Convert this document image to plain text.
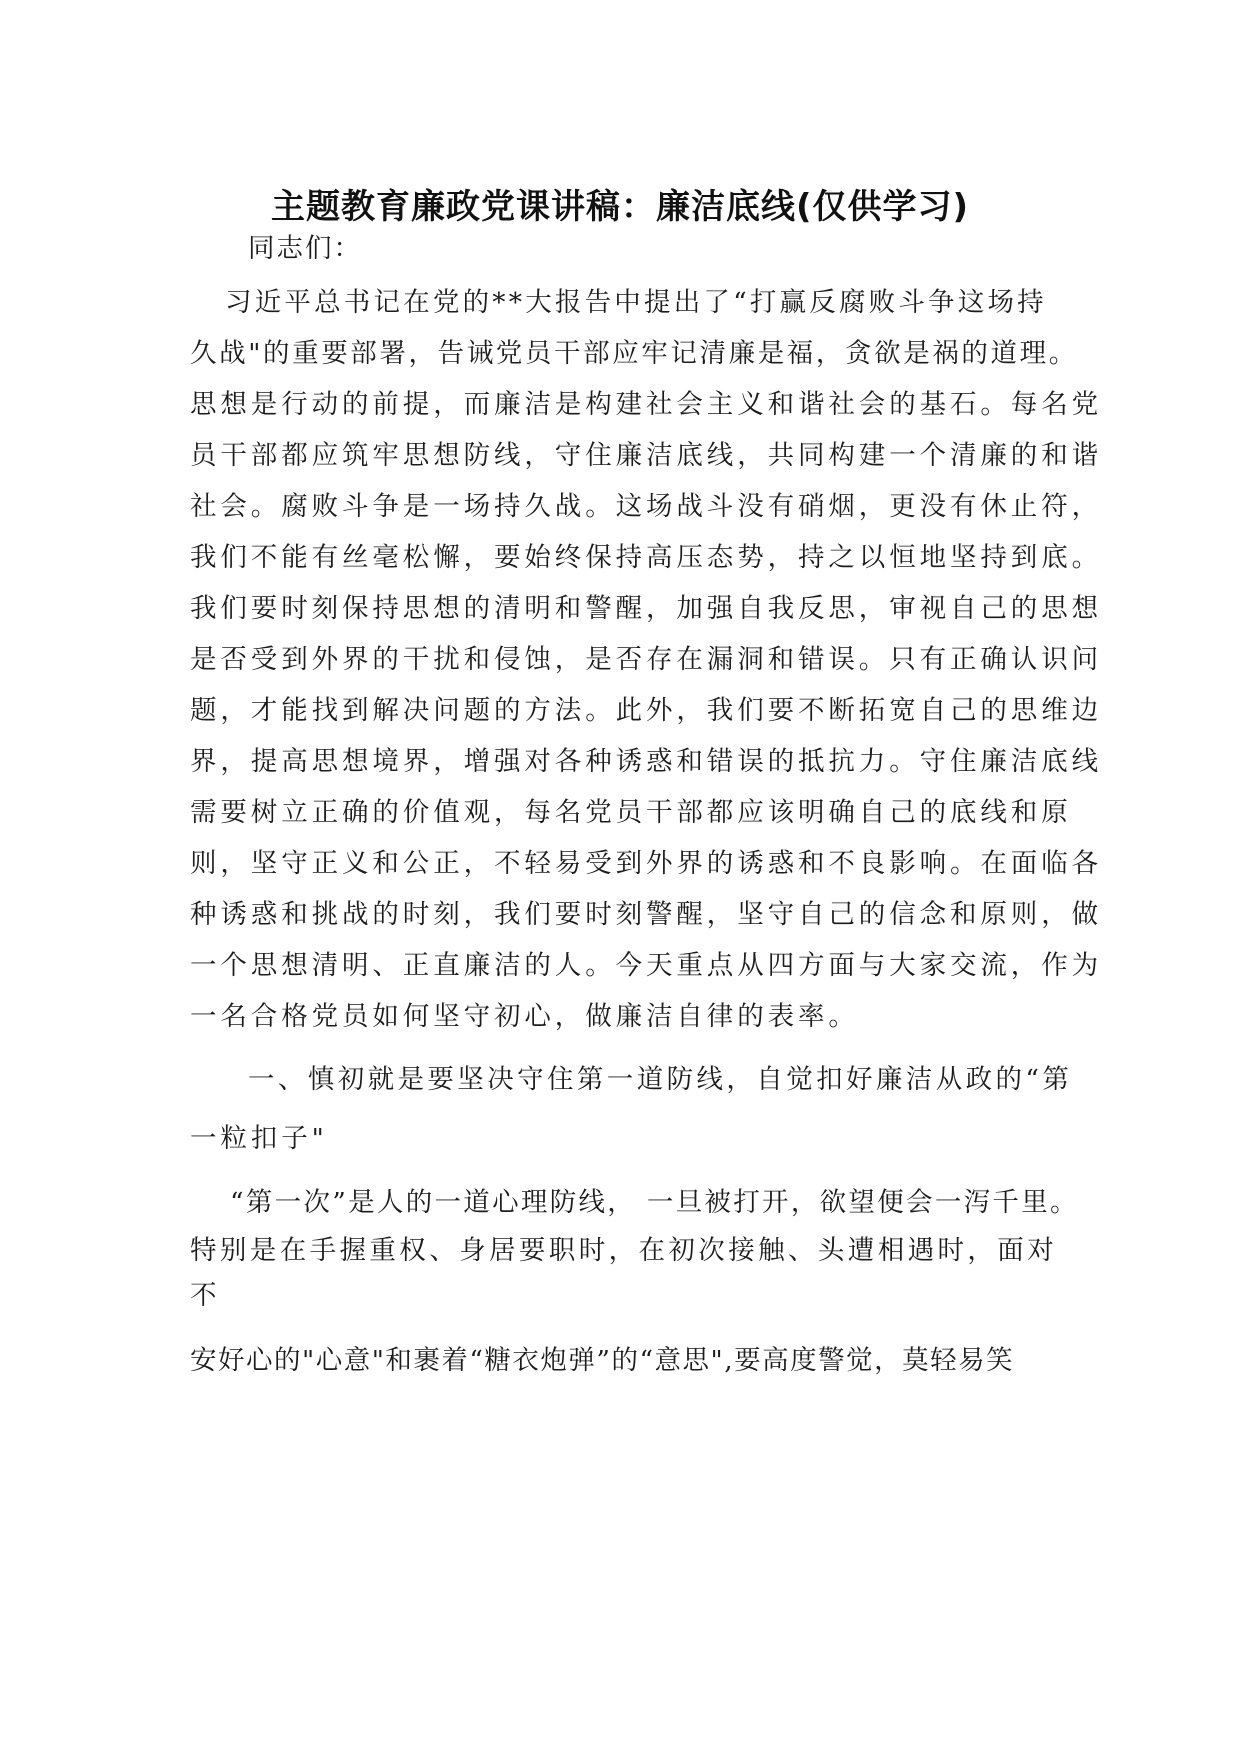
主题教育廉政党课讲稿：廉洁底线(仅供学习)
同志们：
习近平总书记在党的**大报告中提出了“打赢反腐败斗争这场持
久战"的重要部署，告诫党员干部应牢记清廉是福，贪欲是祸的道理。
思想是行动的前提，而廉洁是构建社会主义和谐社会的基石。每名党
员干部都应筑牢思想防线，守住廉洁底线，共同构建一个清廉的和谐
社会。腐败斗争是一场持久战。这场战斗没有硝烟，更没有休止符，
我们不能有丝毫松懈，要始终保持高压态势，持之以恒地坚持到底。
我们要时刻保持思想的清明和警醒，加强自我反思，审视自己的思想
是否受到外界的干扰和侵蚀，是否存在漏洞和错误。只有正确认识问
题，才能找到解决问题的方法。此外，我们要不断拓宽自己的思维边
界，提高思想境界，增强对各种诱惑和错误的抵抗力。守住廉洁底线
需要树立正确的价值观，每名党员干部都应该明确自己的底线和原
则，坚守正义和公正，不轻易受到外界的诱惑和不良影响。在面临各
种诱惑和挑战的时刻，我们要时刻警醒，坚守自己的信念和原则，做
一个思想清明、正直廉洁的人。今天重点从四方面与大家交流，作为
一名合格党员如何坚守初心，做廉洁自律的表率。
一、慎初就是要坚决守住第一道防线，自觉扣好廉洁从政的“第
一粒扣子"
“第一次”是人的一道心理防线， 一旦被打开，欲望便会一泻千里。
特别是在手握重权、身居要职时，在初次接触、头遭相遇时，面对
不
安好心的"心意"和裹着“糖衣炮弹”的“意思",要高度警觉，莫轻易笑
